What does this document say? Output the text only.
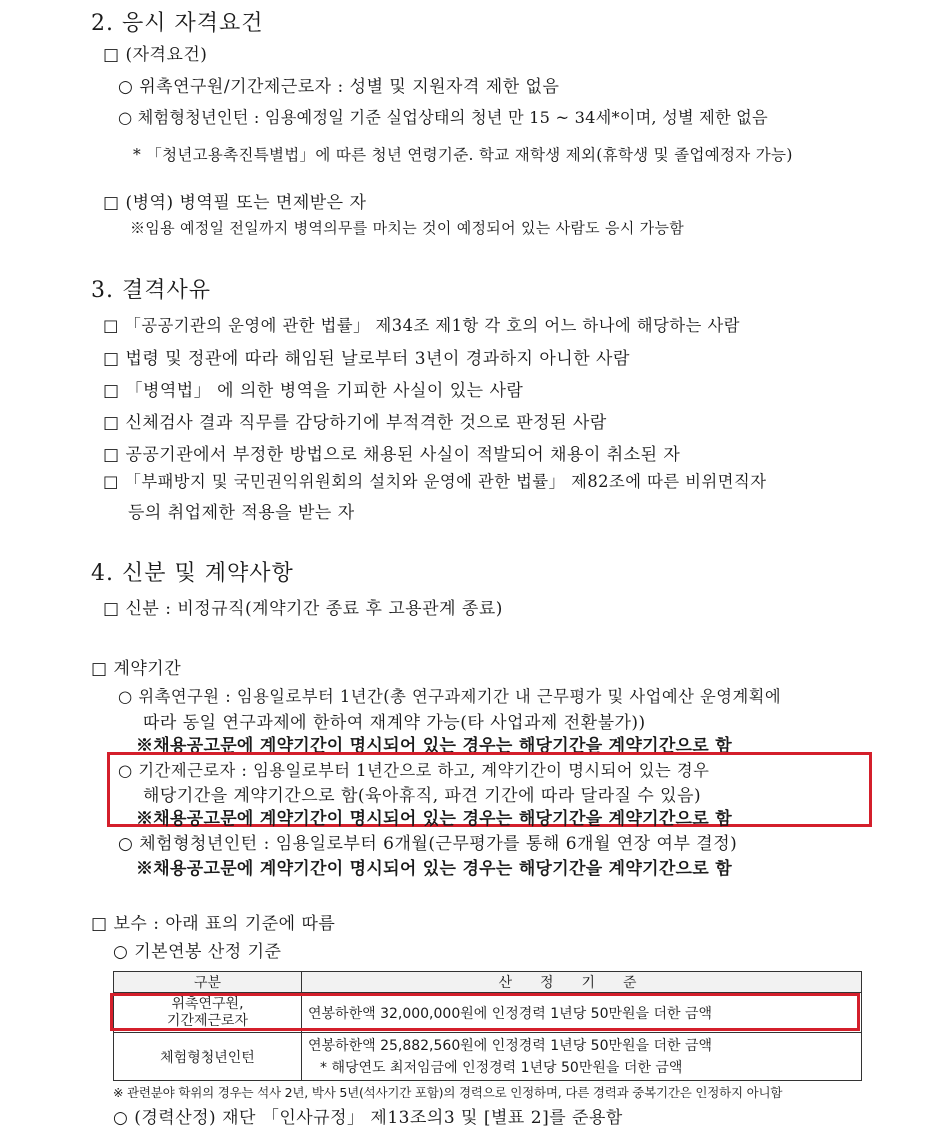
2. 응시 자격요건
□ (자격요건)
○ 위촉연구원/기간제근로자 : 성별 및 지원자격 제한 없음
○ 체험형청년인턴 : 임용예정일 기준 실업상태의 청년 만 15 ~ 34세*이며, 성별 제한 없음
* 「청년고용촉진특별법」에 따른 청년 연령기준. 학교 재학생 제외(휴학생 및 졸업예정자 가능)
□ (병역) 병역필 또는 면제받은 자
※임용 예정일 전일까지 병역의무를 마치는 것이 예정되어 있는 사람도 응시 가능함
3. 결격사유
□ 「공공기관의 운영에 관한 법률」 제34조 제1항 각 호의 어느 하나에 해당하는 사람
□ 법령 및 정관에 따라 해임된 날로부터 3년이 경과하지 아니한 사람
□ 「병역법」 에 의한 병역을 기피한 사실이 있는 사람
□ 신체검사 결과 직무를 감당하기에 부적격한 것으로 판정된 사람
□ 공공기관에서 부정한 방법으로 채용된 사실이 적발되어 채용이 취소된 자
□ 「부패방지 및 국민권익위원회의 설치와 운영에 관한 법률」 제82조에 따른 비위면직자
등의 취업제한 적용을 받는 자
4. 신분 및 계약사항
□ 신분 : 비정규직(계약기간 종료 후 고용관계 종료)
□ 계약기간
○ 위촉연구원 : 임용일로부터 1년간(총 연구과제기간 내 근무평가 및 사업예산 운영계획에
따라 동일 연구과제에 한하여 재계약 가능(타 사업과제 전환불가))
※채용공고문에 계약기간이 명시되어 있는 경우는 해당기간을 계약기간으로 함
○ 기간제근로자 : 임용일로부터 1년간으로 하고, 계약기간이 명시되어 있는 경우
해당기간을 계약기간으로 함(육아휴직, 파견 기간에 따라 달라질 수 있음)
※채용공고문에 계약기간이 명시되어 있는 경우는 해당기간을 계약기간으로 함
○ 체험형청년인턴 : 임용일로부터 6개월(근무평가를 통해 6개월 연장 여부 결정)
※채용공고문에 계약기간이 명시되어 있는 경우는 해당기간을 계약기간으로 함
□ 보수 : 아래 표의 기준에 따름
○ 기본연봉 산정 기준
구분	산정기준
위촉연구원,
기간제근로자	연봉하한액 32,000,000원에 인정경력 1년당 50만원을 더한 금액
체험형청년인턴	연봉하한액 25,882,560원에 인정경력 1년당 50만원을 더한 금액
* 해당연도 최저임금에 인정경력 1년당 50만원을 더한 금액
※ 관련분야 학위의 경우는 석사 2년, 박사 5년(석사기간 포함)의 경력으로 인정하며, 다른 경력과 중복기간은 인정하지 아니함
○ (경력산정) 재단 「인사규정」 제13조의3 및 [별표 2]를 준용함
